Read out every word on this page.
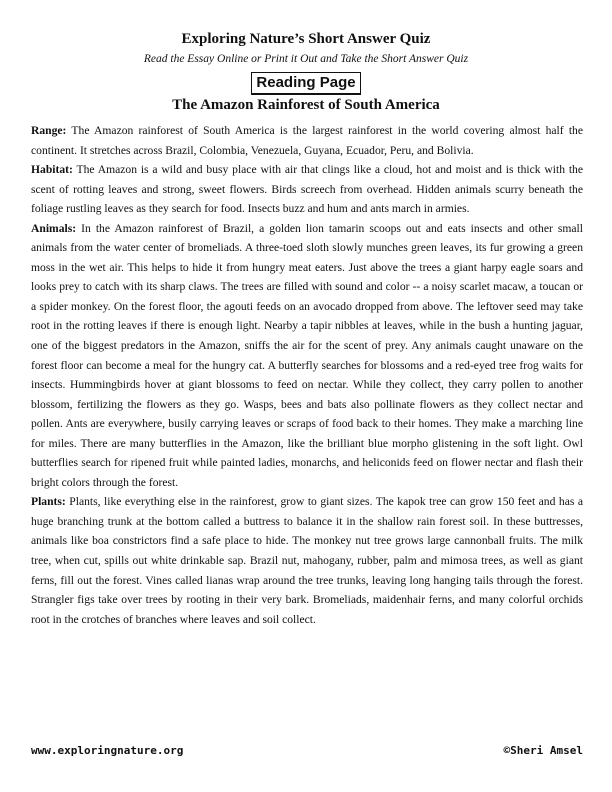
Exploring Nature’s Short Answer Quiz
Read the Essay Online or Print it Out and Take the Short Answer Quiz
Reading Page
The Amazon Rainforest of South America

Range: The Amazon rainforest of South America is the largest rainforest in the world covering almost half the continent. It stretches across Brazil, Colombia, Venezuela, Guyana, Ecuador, Peru, and Bolivia.

Habitat: The Amazon is a wild and busy place with air that clings like a cloud, hot and moist and is thick with the scent of rotting leaves and strong, sweet flowers. Birds screech from overhead. Hidden animals scurry beneath the foliage rustling leaves as they search for food. Insects buzz and hum and ants march in armies.

Animals: In the Amazon rainforest of Brazil, a golden lion tamarin scoops out and eats insects and other small animals from the water center of bromeliads. A three-toed sloth slowly munches green leaves, its fur growing a green moss in the wet air. This helps to hide it from hungry meat eaters. Just above the trees a giant harpy eagle soars and looks prey to catch with its sharp claws. The trees are filled with sound and color -- a noisy scarlet macaw, a toucan or a spider monkey. On the forest floor, the agouti feeds on an avocado dropped from above. The leftover seed may take root in the rotting leaves if there is enough light. Nearby a tapir nibbles at leaves, while in the bush a hunting jaguar, one of the biggest predators in the Amazon, sniffs the air for the scent of prey. Any animals caught unaware on the forest floor can become a meal for the hungry cat. A butterfly searches for blossoms and a red-eyed tree frog waits for insects. Hummingbirds hover at giant blossoms to feed on nectar. While they collect, they carry pollen to another blossom, fertilizing the flowers as they go. Wasps, bees and bats also pollinate flowers as they collect nectar and pollen. Ants are everywhere, busily carrying leaves or scraps of food back to their homes. They make a marching line for miles. There are many butterflies in the Amazon, like the brilliant blue morpho glistening in the soft light. Owl butterflies search for ripened fruit while painted ladies, monarchs, and heliconids feed on flower nectar and flash their bright colors through the forest.

Plants: Plants, like everything else in the rainforest, grow to giant sizes. The kapok tree can grow 150 feet and has a huge branching trunk at the bottom called a buttress to balance it in the shallow rain forest soil. In these buttresses, animals like boa constrictors find a safe place to hide. The monkey nut tree grows large cannonball fruits. The milk tree, when cut, spills out white drinkable sap. Brazil nut, mahogany, rubber, palm and mimosa trees, as well as giant ferns, fill out the forest. Vines called lianas wrap around the tree trunks, leaving long hanging tails through the forest. Strangler figs take over trees by rooting in their very bark. Bromeliads, maidenhair ferns, and many colorful orchids root in the crotches of branches where leaves and soil collect.

www.exploringnature.org	©Sheri Amsel
